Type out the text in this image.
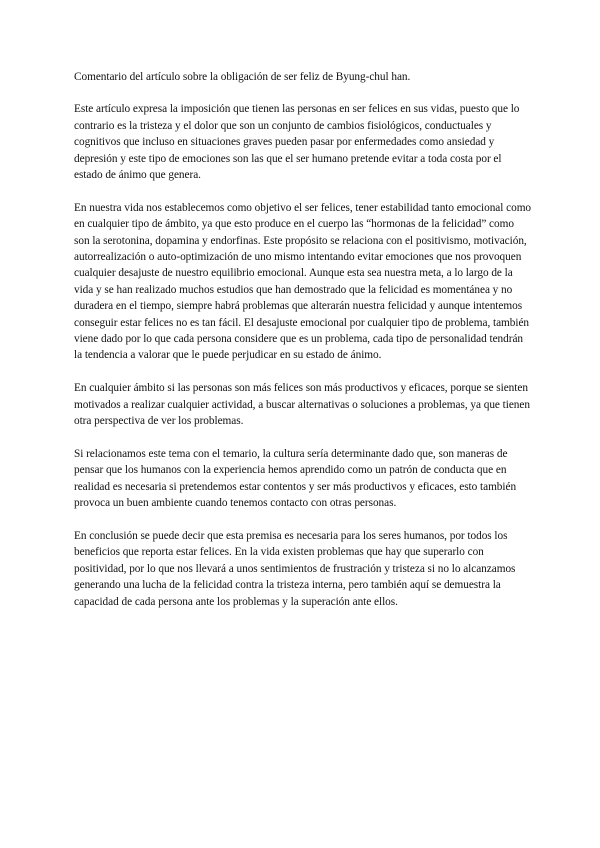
Comentario del artículo sobre la obligación de ser feliz de Byung-chul han.

Este artículo expresa la imposición que tienen las personas en ser felices en sus vidas, puesto que lo contrario es la tristeza y el dolor que son un conjunto de cambios fisiológicos, conductuales y cognitivos que incluso en situaciones graves pueden pasar por enfermedades como ansiedad y depresión y este tipo de emociones son las que el ser humano pretende evitar a toda costa por el estado de ánimo que genera.

En nuestra vida nos establecemos como objetivo el ser felices, tener estabilidad tanto emocional como en cualquier tipo de ámbito, ya que esto produce en el cuerpo las “hormonas de la felicidad” como son la serotonina, dopamina y endorfinas. Este propósito se relaciona con el positivismo, motivación, autorrealización o auto-optimización de uno mismo intentando evitar emociones que nos provoquen cualquier desajuste de nuestro equilibrio emocional. Aunque esta sea nuestra meta, a lo largo de la vida y se han realizado muchos estudios que han demostrado que la felicidad es momentánea y no duradera en el tiempo, siempre habrá problemas que alterarán nuestra felicidad y aunque intentemos conseguir estar felices no es tan fácil. El desajuste emocional por cualquier tipo de problema, también viene dado por lo que cada persona considere que es un problema, cada tipo de personalidad tendrán la tendencia a valorar que le puede perjudicar en su estado de ánimo.

En cualquier ámbito si las personas son más felices son más productivos y eficaces, porque se sienten motivados a realizar cualquier actividad, a buscar alternativas o soluciones a problemas, ya que tienen otra perspectiva de ver los problemas.

Si relacionamos este tema con el temario, la cultura sería determinante dado que, son maneras de pensar que los humanos con la experiencia hemos aprendido como un patrón de conducta que en realidad es necesaria si pretendemos estar contentos y ser más productivos y eficaces, esto también provoca un buen ambiente cuando tenemos contacto con otras personas.

En conclusión se puede decir que esta premisa es necesaria para los seres humanos, por todos los beneficios que reporta estar felices. En la vida existen problemas que hay que superarlo con positividad, por lo que nos llevará a unos sentimientos de frustración y tristeza si no lo alcanzamos generando una lucha de la felicidad contra la tristeza interna, pero también aquí se demuestra la capacidad de cada persona ante los problemas y la superación ante ellos.
